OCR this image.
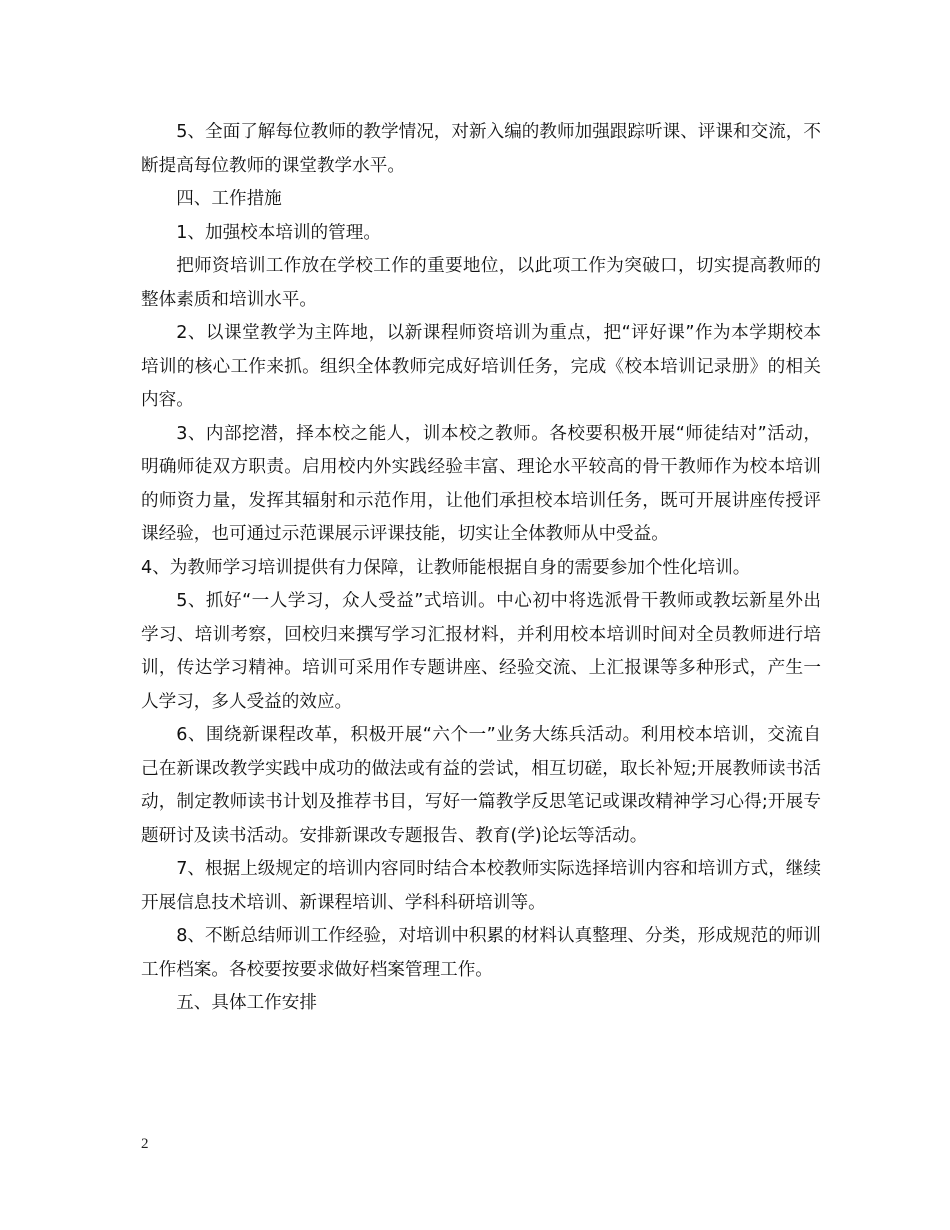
5、全面了解每位教师的教学情况，对新入编的教师加强跟踪听课、评课和交流，不断提高每位教师的课堂教学水平。

四、工作措施

1、加强校本培训的管理。

把师资培训工作放在学校工作的重要地位，以此项工作为突破口，切实提高教师的整体素质和培训水平。

2、以课堂教学为主阵地，以新课程师资培训为重点，把“评好课”作为本学期校本培训的核心工作来抓。组织全体教师完成好培训任务，完成《校本培训记录册》的相关内容。

3、内部挖潜，择本校之能人，训本校之教师。各校要积极开展“师徒结对”活动，明确师徒双方职责。启用校内外实践经验丰富、理论水平较高的骨干教师作为校本培训的师资力量，发挥其辐射和示范作用，让他们承担校本培训任务，既可开展讲座传授评课经验，也可通过示范课展示评课技能，切实让全体教师从中受益。

4、为教师学习培训提供有力保障，让教师能根据自身的需要参加个性化培训。

5、抓好“一人学习，众人受益”式培训。中心初中将选派骨干教师或教坛新星外出学习、培训考察，回校归来撰写学习汇报材料，并利用校本培训时间对全员教师进行培训，传达学习精神。培训可采用作专题讲座、经验交流、上汇报课等多种形式，产生一人学习，多人受益的效应。

6、围绕新课程改革，积极开展“六个一”业务大练兵活动。利用校本培训，交流自己在新课改教学实践中成功的做法或有益的尝试，相互切磋，取长补短;开展教师读书活动，制定教师读书计划及推荐书目，写好一篇教学反思笔记或课改精神学习心得;开展专题研讨及读书活动。安排新课改专题报告、教育(学)论坛等活动。

7、根据上级规定的培训内容同时结合本校教师实际选择培训内容和培训方式，继续开展信息技术培训、新课程培训、学科科研培训等。

8、不断总结师训工作经验，对培训中积累的材料认真整理、分类，形成规范的师训工作档案。各校要按要求做好档案管理工作。

五、具体工作安排

2
